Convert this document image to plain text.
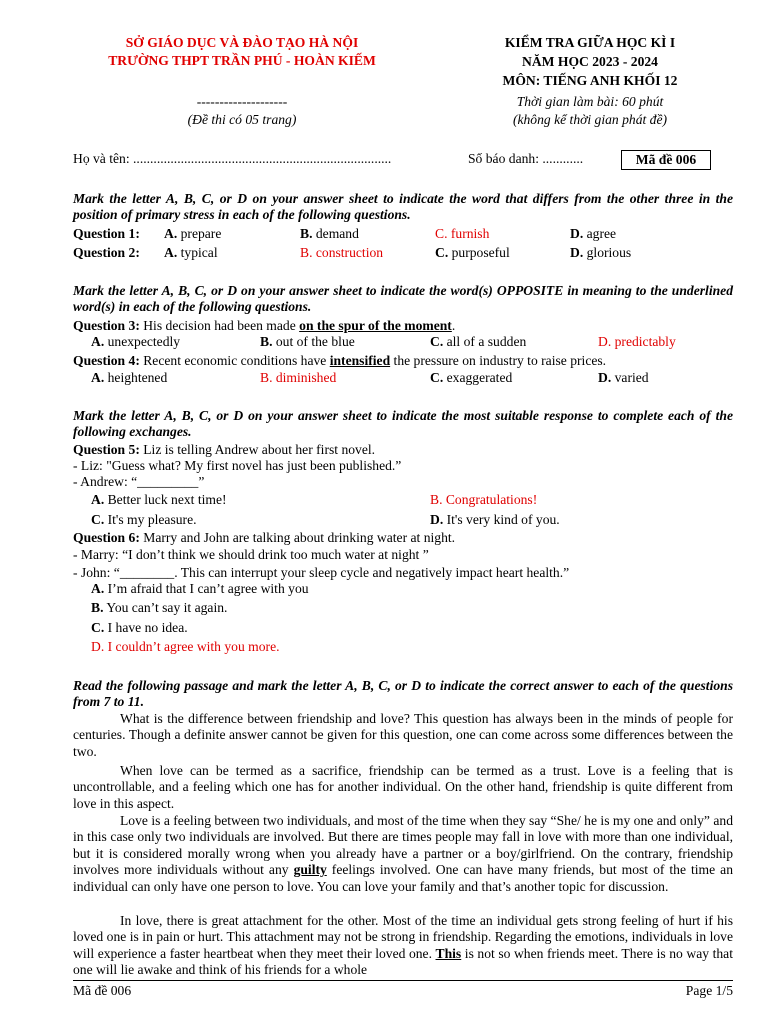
SỞ GIÁO DỤC VÀ ĐÀO TẠO HÀ NỘI
TRƯỜNG THPT TRẦN PHÚ - HOÀN KIẾM
--------------------
(Đề thi có 05 trang)
KIỂM TRA GIỮA HỌC KÌ I
NĂM HỌC 2023 - 2024
MÔN: TIẾNG ANH KHỐI 12
Thời gian làm bài: 60 phút
(không kể thời gian phát đề)
Họ và tên: ............................................................................	Số báo danh: ............	Mã đề 006
Mark the letter A, B, C, or D on your answer sheet to indicate the word that differs from the other three in the position of primary stress in each of the following questions.
Question 1: A. prepare	B. demand	C. furnish	D. agree
Question 2: A. typical	B. construction	C. purposeful	D. glorious
Mark the letter A, B, C, or D on your answer sheet to indicate the word(s) OPPOSITE in meaning to the underlined word(s) in each of the following questions.
Question 3: His decision had been made on the spur of the moment.
A. unexpectedly	B. out of the blue	C. all of a sudden	D. predictably
Question 4: Recent economic conditions have intensified the pressure on industry to raise prices.
A. heightened	B. diminished	C. exaggerated	D. varied
Mark the letter A, B, C, or D on your answer sheet to indicate the most suitable response to complete each of the following exchanges.
Question 5: Liz is telling Andrew about her first novel.
- Liz: "Guess what? My first novel has just been published.”
- Andrew: “_________”
A. Better luck next time!	B. Congratulations!
C. It's my pleasure.	D. It's very kind of you.
Question 6: Marry and John are talking about drinking water at night.
- Marry: “I don’t think we should drink too much water at night ”
- John: “________. This can interrupt your sleep cycle and negatively impact heart health.”
A. I’m afraid that I can’t agree with you
B. You can’t say it again.
C. I have no idea.
D. I couldn’t agree with you more.
Read the following passage and mark the letter A, B, C, or D to indicate the correct answer to each of the questions from 7 to 11.
What is the difference between friendship and love? This question has always been in the minds of people for centuries. Though a definite answer cannot be given for this question, one can come across some differences between the two.
When love can be termed as a sacrifice, friendship can be termed as a trust. Love is a feeling that is uncontrollable, and a feeling which one has for another individual. On the other hand, friendship is quite different from love in this aspect.
Love is a feeling between two individuals, and most of the time when they say “She/ he is my one and only” and in this case only two individuals are involved. But there are times people may fall in love with more than one individual, but it is considered morally wrong when you already have a partner or a boy/girlfriend. On the contrary, friendship involves more individuals without any guilty feelings involved. One can have many friends, but most of the time an individual can only have one person to love. You can love your family and that’s another topic for discussion.
In love, there is great attachment for the other. Most of the time an individual gets strong feeling of hurt if his loved one is in pain or hurt. This attachment may not be strong in friendship. Regarding the emotions, individuals in love will experience a faster heartbeat when they meet their loved one. This is not so when friends meet. There is no way that one will lie awake and think of his friends for a whole
Mã đề 006	Page 1/5
